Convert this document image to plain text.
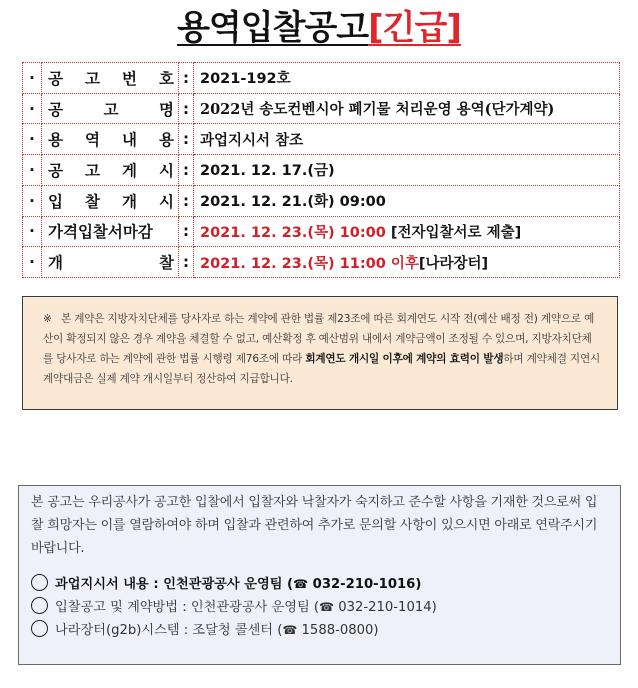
용역입찰공고[긴급]
·	공 고 번 호	:	2021-192호
·	공 고 명	:	2022년 송도컨벤시아 폐기물 처리운영 용역(단가계약)
·	용 역 내 용	:	과업지시서 참조
·	공 고 게 시	:	2021. 12. 17.(금)
·	입 찰 개 시	:	2021. 12. 21.(화) 09:00
·	가격입찰서마감	:	2021. 12. 23.(목) 10:00 [전자입찰서로 제출]
·	개 찰	:	2021. 12. 23.(목) 11:00 이후[나라장터]
※ 본 계약은 지방자치단체를 당사자로 하는 계약에 관한 법률 제23조에 따른 회계연도 시작 전(예산 배정 전) 계약으로 예산이 확정되지 않은 경우 계약을 체결할 수 없고, 예산확정 후 예산범위 내에서 계약금액이 조정될 수 있으며, 지방자치단체를 당사자로 하는 계약에 관한 법률 시행령 제76조에 따라 회계연도 개시일 이후에 계약의 효력이 발생하며 계약체결 지연시 계약대금은 실제 계약 개시일부터 정산하여 지급합니다.
본 공고는 우리공사가 공고한 입찰에서 입찰자와 낙찰자가 숙지하고 준수할 사항을 기재한 것으로써 입찰 희망자는 이를 열람하여야 하며 입찰과 관련하여 추가로 문의할 사항이 있으시면 아래로 연락주시기 바랍니다.
과업지시서 내용 : 인천관광공사 운영팀 (☎ 032-210-1016)
입찰공고 및 계약방법 : 인천관광공사 운영팀 (☎ 032-210-1014)
나라장터(g2b)시스템 : 조달청 콜센터 (☎ 1588-0800)
